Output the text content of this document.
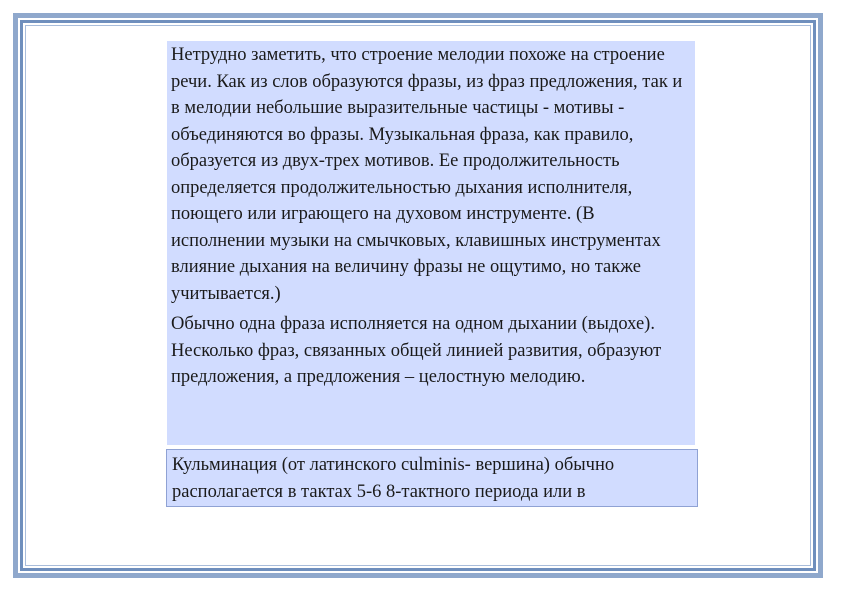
Нетрудно заметить, что строение мелодии похоже на строение речи. Как из слов образуются фразы, из фраз предложения, так и в мелодии небольшие выразительные частицы - мотивы - объединяются во фразы. Музыкальная фраза, как правило, образуется из двух-трех мотивов. Ее продолжительность определяется продолжительностью дыхания исполнителя, поющего или играющего на духовом инструменте. (В исполнении музыки на смычковых, клавишных инструментах влияние дыхания на величину фразы не ощутимо, но также учитывается.)

Обычно одна фраза исполняется на одном дыхании (выдохе). Несколько фраз, связанных общей линией развития, образуют предложения, а предложения – целостную мелодию.

Кульминация (от латинского culminis- вершина) обычно располагается в тактах 5-6 8-тактного периода или в
